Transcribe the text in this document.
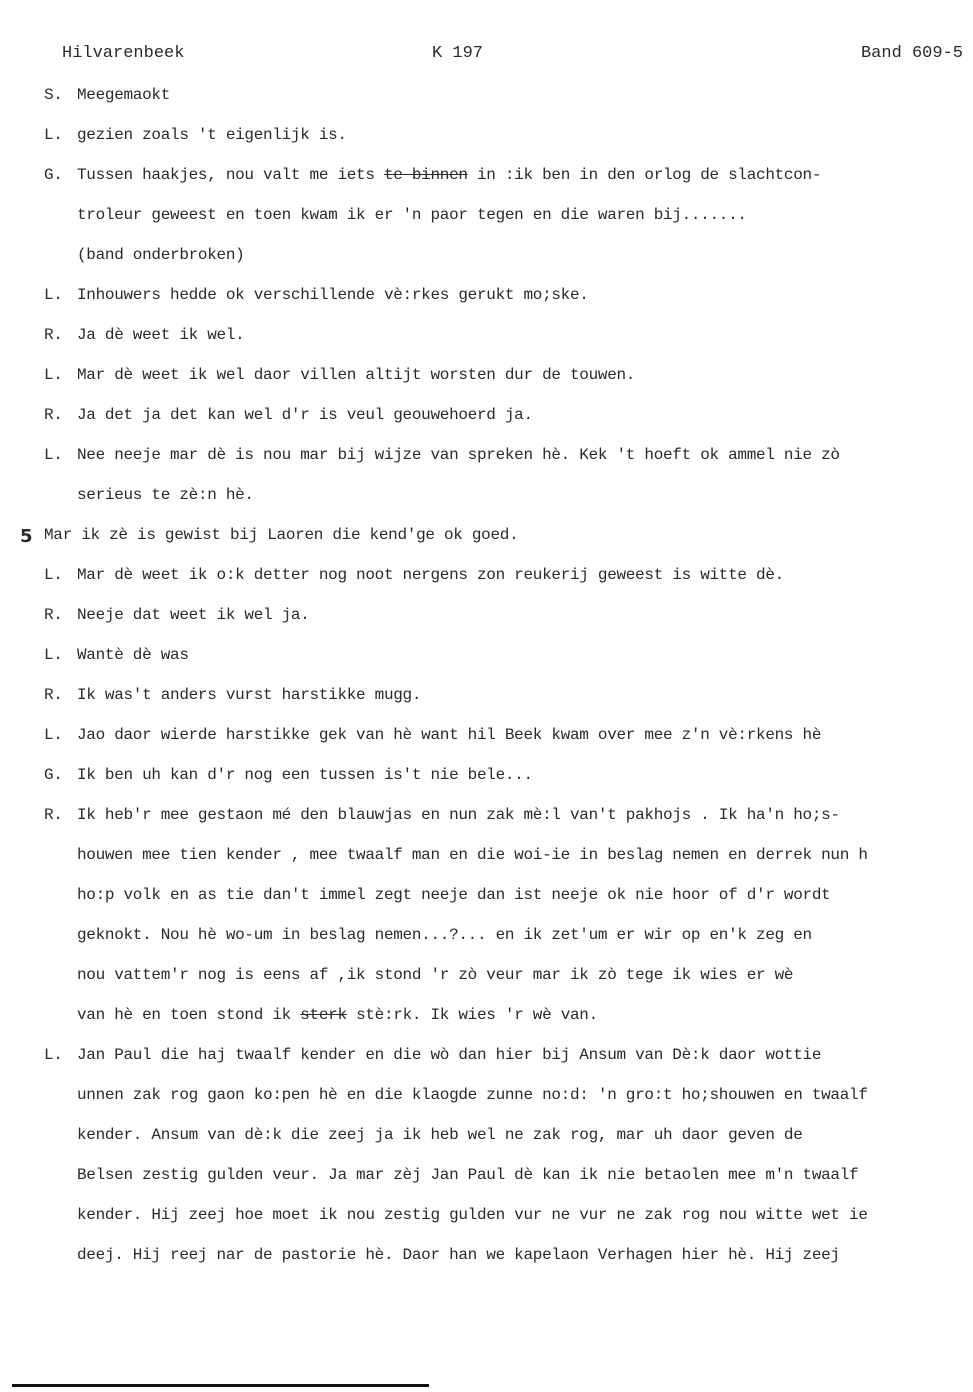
Hilvarenbeek	K 197	Band 609-5
S. Meegemaokt
L. gezien zoals 't eigenlijk is.
G. Tussen haakjes, nou valt me iets te binnen in :ik ben in den orlog de slachtcon-
troleur geweest en toen kwam ik er 'n paor tegen en die waren bij.......
(band onderbroken)
L. Inhouwers hedde ok verschillende vè:rkes gerukt mo;ske.
R. Ja dè weet ik wel.
L. Mar dè weet ik wel daor villen altijt worsten dur de touwen.
R. Ja det ja det kan wel d'r is veul geouwehoerd ja.
L. Nee neeje mar dè is nou mar bij wijze van spreken hè. Kek 't hoeft ok ammel nie zò
serieus te zè:n hè.
5 Mar ik zè is gewist bij Laoren die kend'ge ok goed.
L. Mar dè weet ik o:k detter nog noot nergens zon reukerij geweest is witte dè.
R. Neeje dat weet ik wel ja.
L. Wantè dè was
R. Ik was't anders vurst harstikke mugg.
L. Jao daor wierde harstikke gek van hè want hil Beek kwam over mee z'n vè:rkens hè
G. Ik ben uh kan d'r nog een tussen is't nie bele...
R. Ik heb'r mee gestaon mé den blauwjas en nun zak mè:l van't pakhojs . Ik ha'n ho;s-
houwen mee tien kender , mee twaalf man en die woi-ie in beslag nemen en derrek nun h
ho:p volk en as tie dan't immel zegt neeje dan ist neeje ok nie hoor of d'r wordt
geknokt. Nou hè wo-um in beslag nemen...?... en ik zet'um er wir op en'k zeg en
nou vattem'r nog is eens af ,ik stond 'r zò veur mar ik zò tege ik wies er wè
van hè en toen stond ik sterk stè:rk. Ik wies 'r wè van.
L. Jan Paul die haj twaalf kender en die wò dan hier bij Ansum van Dè:k daor wottie
unnen zak rog gaon ko:pen hè en die klaogde zunne no:d: 'n gro:t ho;shouwen en twaalf
kender. Ansum van dè:k die zeej ja ik heb wel ne zak rog, mar uh daor geven de
Belsen zestig gulden veur. Ja mar zèj Jan Paul dè kan ik nie betaolen mee m'n twaalf
kender. Hij zeej hoe moet ik nou zestig gulden vur ne vur ne zak rog nou witte wet ie
deej. Hij reej nar de pastorie hè. Daor han we kapelaon Verhagen hier hè. Hij zeej
